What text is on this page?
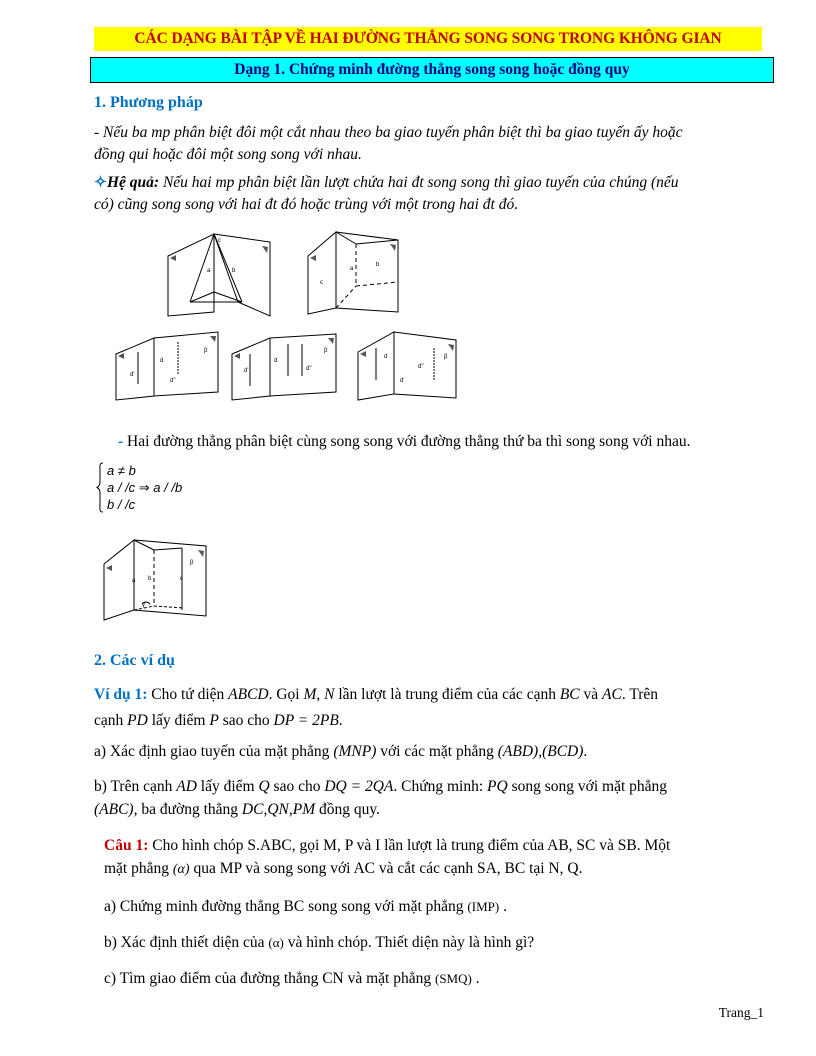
CÁC DẠNG BÀI TẬP VỀ HAI ĐƯỜNG THẲNG SONG SONG TRONG KHÔNG GIAN
Dạng 1. Chứng minh đường thẳng song song hoặc đồng quy
1. Phương pháp
- Nếu ba mp phân biệt đôi một cắt nhau theo ba giao tuyến phân biệt thì ba giao tuyến ấy hoặc
đồng qui hoặc đôi một song song với nhau.
✧Hệ quả: Nếu hai mp phân biệt lần lượt chứa hai đt song song thì giao tuyến của chúng (nếu
có) cũng song song với hai đt đó hoặc trùng với một trong hai đt đó.
a	b
c
a
b
c
d
d'
d''
β
d
d'	d''
β
d
d'
d''
β
- Hai đường thẳng phân biệt cùng song song với đường thẳng thứ ba thì song song với nhau.
a ≠ b
a / /c ⇒ a / /b
b / /c
a b	c
β
γ
2. Các ví dụ
Ví dụ 1: Cho tứ diện ABCD. Gọi M, N lần lượt là trung điểm của các cạnh BC và AC. Trên
cạnh PD lấy điểm P sao cho DP = 2PB.
a) Xác định giao tuyến của mặt phẳng (MNP) với các mặt phẳng (ABD),(BCD).
b) Trên cạnh AD lấy điểm Q sao cho DQ = 2QA. Chứng minh: PQ song song với mặt phẳng
(ABC), ba đường thẳng DC,QN,PM đồng quy.
Câu 1: Cho hình chóp S.ABC, gọi M, P và I lần lượt là trung điểm của AB, SC và SB. Một
mặt phẳng (α) qua MP và song song với AC và cắt các cạnh SA, BC tại N, Q.
a) Chứng minh đường thẳng BC song song với mặt phẳng (IMP) .
b) Xác định thiết diện của (α) và hình chóp. Thiết diện này là hình gì?
c) Tìm giao điểm của đường thẳng CN và mặt phẳng (SMQ) .
Trang_1
